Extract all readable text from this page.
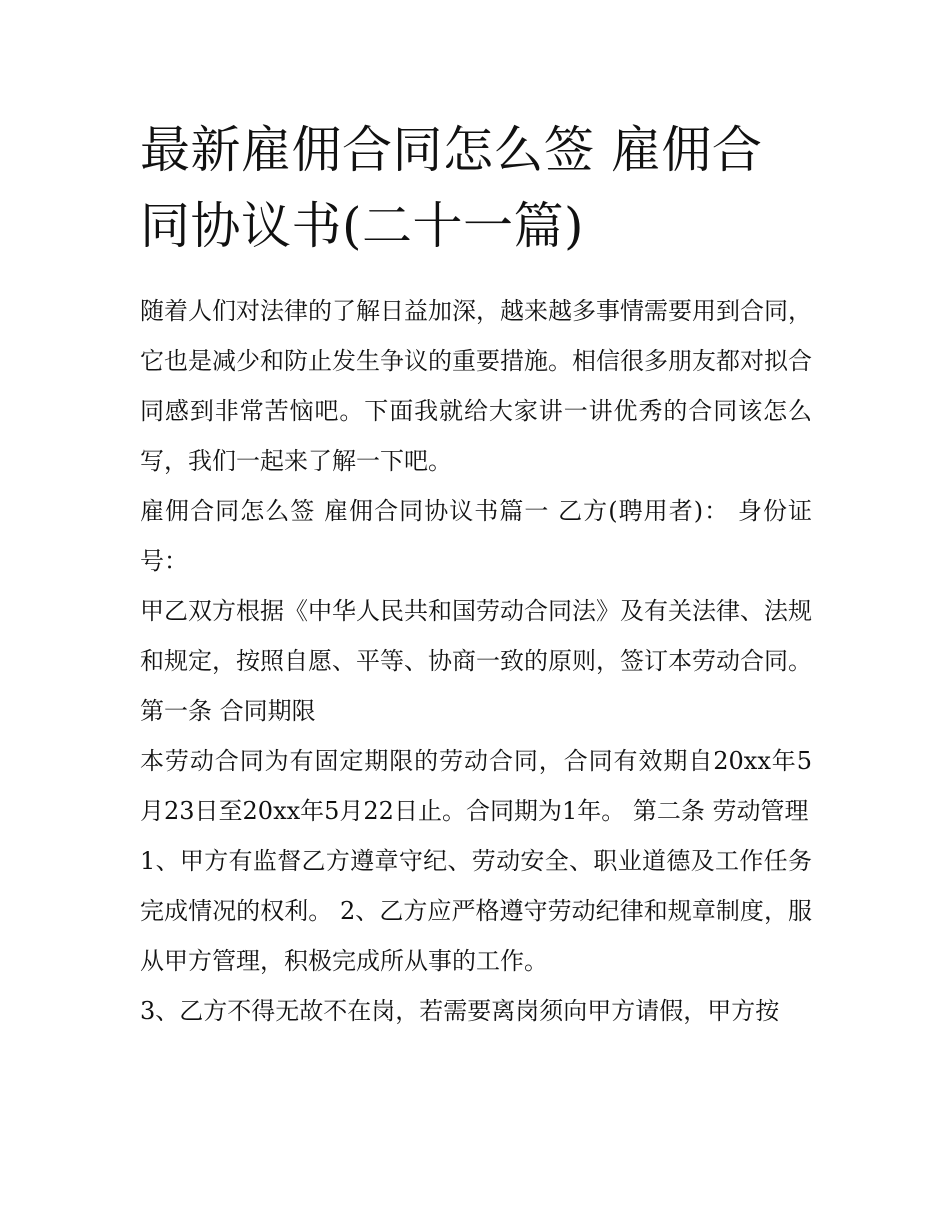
最新雇佣合同怎么签 雇佣合同协议书(二十一篇)

随着人们对法律的了解日益加深，越来越多事情需要用到合同，它也是减少和防止发生争议的重要措施。相信很多朋友都对拟合同感到非常苦恼吧。下面我就给大家讲一讲优秀的合同该怎么写，我们一起来了解一下吧。

雇佣合同怎么签 雇佣合同协议书篇一 乙方(聘用者)： 身份证号：

甲乙双方根据《中华人民共和国劳动合同法》及有关法律、法规和规定，按照自愿、平等、协商一致的原则，签订本劳动合同。 第一条 合同期限

本劳动合同为有固定期限的劳动合同，合同有效期自20xx年5月23日至20xx年5月22日止。合同期为1年。 第二条 劳动管理

1、甲方有监督乙方遵章守纪、劳动安全、职业道德及工作任务完成情况的权利。 2、乙方应严格遵守劳动纪律和规章制度，服从甲方管理，积极完成所从事的工作。

3、乙方不得无故不在岗，若需要离岗须向甲方请假，甲方按
